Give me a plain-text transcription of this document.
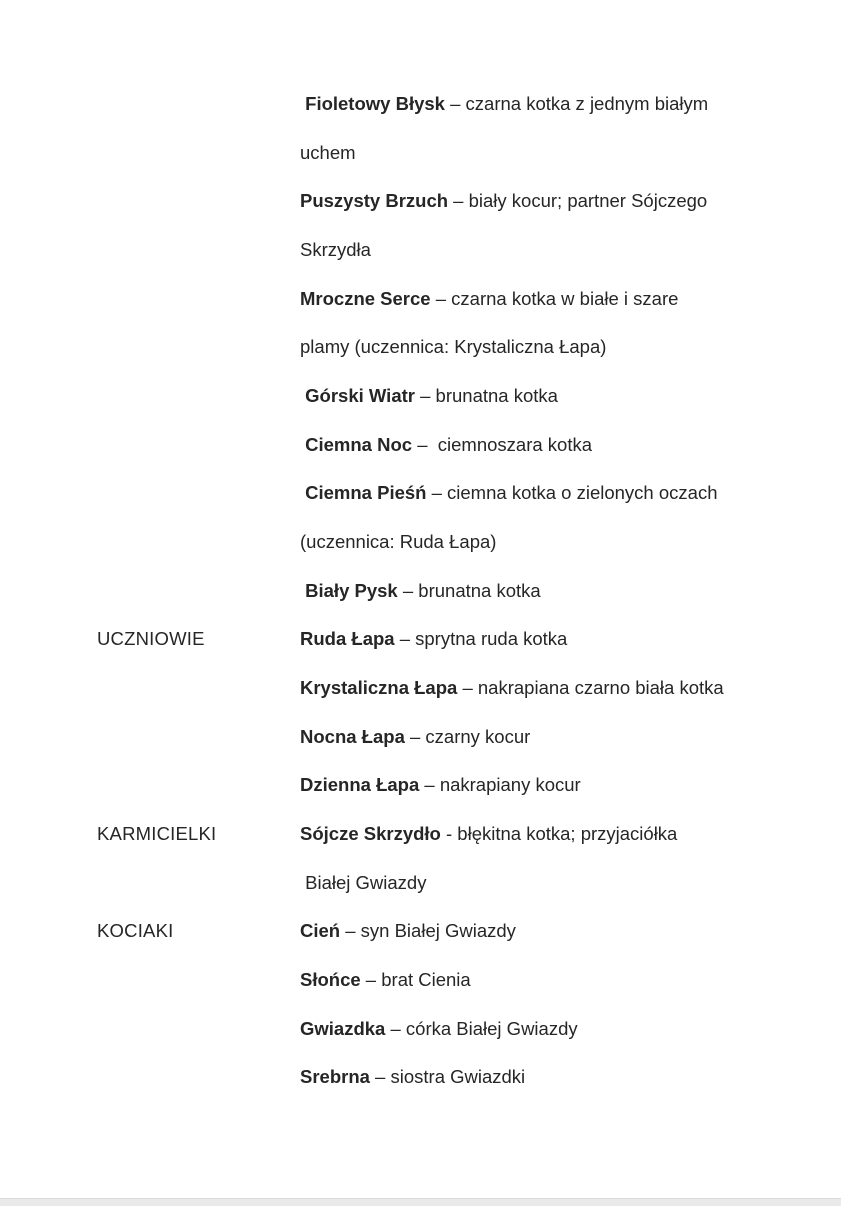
Fioletowy Błysk – czarna kotka z jednym białym
uchem
Puszysty Brzuch – biały kocur; partner Sójczego
Skrzydła
Mroczne Serce – czarna kotka w białe i szare
plamy (uczennica: Krystaliczna Łapa)
Górski Wiatr – brunatna kotka
Ciemna Noc –  ciemnoszara kotka
Ciemna Pieśń – ciemna kotka o zielonych oczach
(uczennica: Ruda Łapa)
Biały Pysk – brunatna kotka
UCZNIOWIE	Ruda Łapa – sprytna ruda kotka
Krystaliczna Łapa – nakrapiana czarno biała kotka
Nocna Łapa – czarny kocur
Dzienna Łapa – nakrapiany kocur
KARMICIELKI	Sójcze Skrzydło - błękitna kotka; przyjaciółka
Białej Gwiazdy
KOCIAKI	Cień – syn Białej Gwiazdy
Słońce – brat Cienia
Gwiazdka – córka Białej Gwiazdy
Srebrna – siostra Gwiazdki
